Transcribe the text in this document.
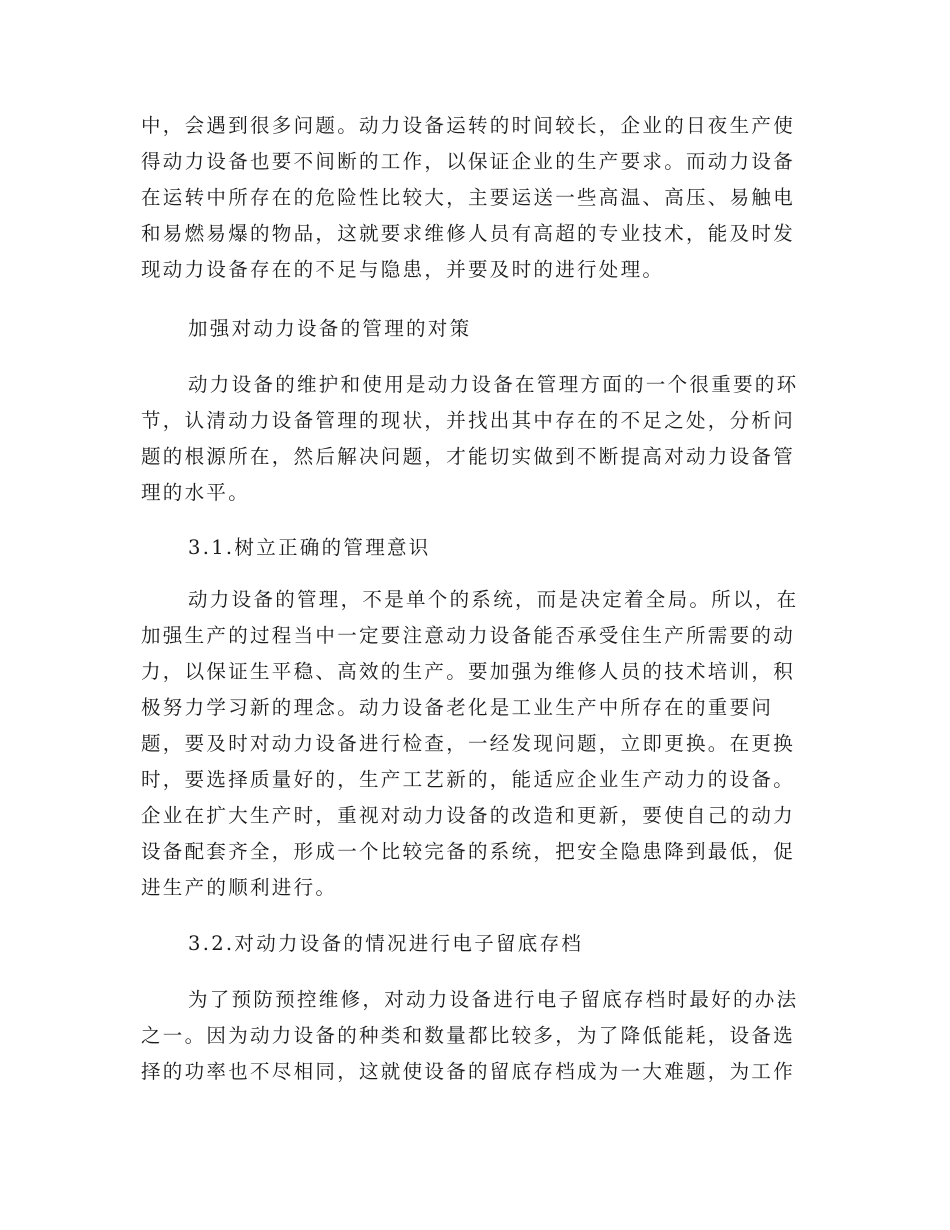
中，会遇到很多问题。动力设备运转的时间较长，企业的日夜生产使
得动力设备也要不间断的工作，以保证企业的生产要求。而动力设备
在运转中所存在的危险性比较大，主要运送一些高温、高压、易触电
和易燃易爆的物品，这就要求维修人员有高超的专业技术，能及时发
现动力设备存在的不足与隐患，并要及时的进行处理。
加强对动力设备的管理的对策
动力设备的维护和使用是动力设备在管理方面的一个很重要的环
节，认清动力设备管理的现状，并找出其中存在的不足之处，分析问
题的根源所在，然后解决问题，才能切实做到不断提高对动力设备管
理的水平。
3.1.树立正确的管理意识
动力设备的管理，不是单个的系统，而是决定着全局。所以，在
加强生产的过程当中一定要注意动力设备能否承受住生产所需要的动
力，以保证生平稳、高效的生产。要加强为维修人员的技术培训，积
极努力学习新的理念。动力设备老化是工业生产中所存在的重要问
题，要及时对动力设备进行检查，一经发现问题，立即更换。在更换
时，要选择质量好的，生产工艺新的，能适应企业生产动力的设备。
企业在扩大生产时，重视对动力设备的改造和更新，要使自己的动力
设备配套齐全，形成一个比较完备的系统，把安全隐患降到最低，促
进生产的顺利进行。
3.2.对动力设备的情况进行电子留底存档
为了预防预控维修，对动力设备进行电子留底存档时最好的办法
之一。因为动力设备的种类和数量都比较多，为了降低能耗，设备选
择的功率也不尽相同，这就使设备的留底存档成为一大难题，为工作
